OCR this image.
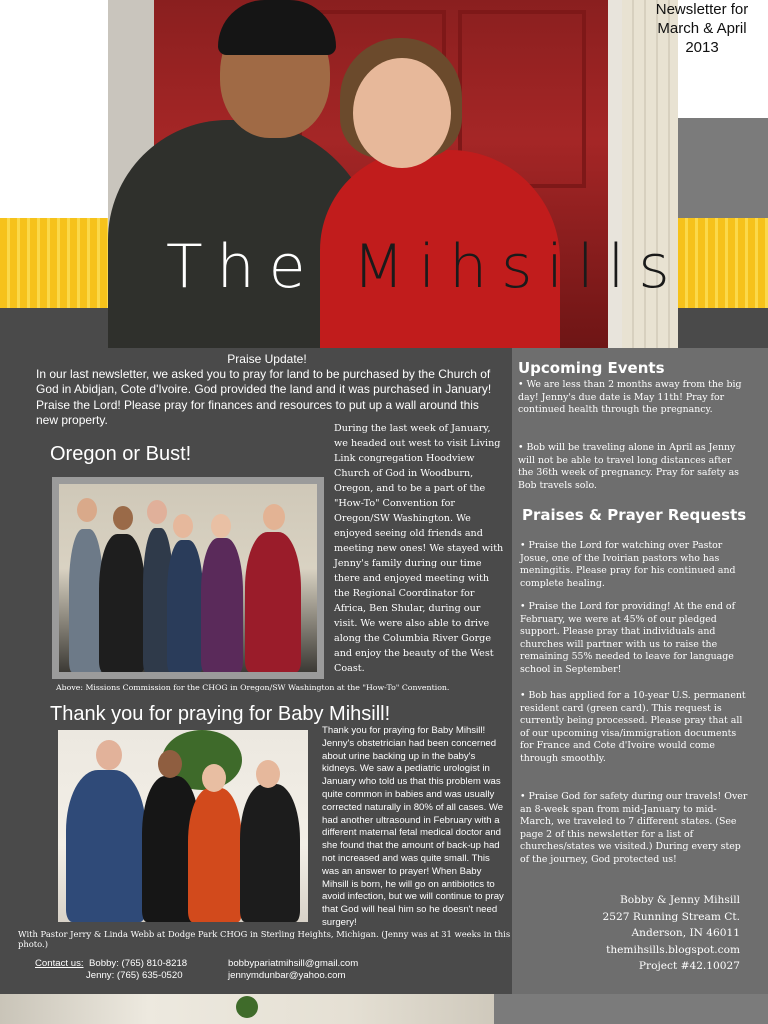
Newsletter for March & April 2013
The Mihsills
Praise Update!
In our last newsletter, we asked you to pray for land to be purchased by the Church of God in Abidjan, Cote d'Ivoire. God provided the land and it was purchased in January! Praise the Lord! Please pray for finances and resources to put up a wall around this new property.
Oregon or Bust!
During the last week of January, we headed out west to visit Living Link congregation Hoodview Church of God in Woodburn, Oregon, and to be a part of the "How-To" Convention for Oregon/SW Washington. We enjoyed seeing old friends and meeting new ones! We stayed with Jenny's family during our time there and enjoyed meeting with the Regional Coordinator for Africa, Ben Shular, during our visit. We were also able to drive along the Columbia River Gorge and enjoy the beauty of the West Coast.
Above: Missions Commission for the CHOG in Oregon/SW Washington at the "How-To" Convention.
Thank you for praying for Baby Mihsill!
Thank you for praying for Baby Mihsill! Jenny's obstetrician had been concerned about urine backing up in the baby's kidneys. We saw a pediatric urologist in January who told us that this problem was quite common in babies and was usually corrected naturally in 80% of all cases. We had another ultrasound in February with a different maternal fetal medical doctor and she found that the amount of back-up had not increased and was quite small. This was an answer to prayer! When Baby Mihsill is born, he will go on antibiotics to avoid infection, but we will continue to pray that God will heal him so he doesn't need surgery!
With Pastor Jerry & Linda Webb at Dodge Park CHOG in Sterling Heights, Michigan. (Jenny was at 31 weeks in this photo.)
Contact us: Bobby: (765) 810-8218
Jenny: (765) 635-0520
bobbypariatmihsill@gmail.com
jennymdunbar@yahoo.com
Upcoming Events
• We are less than 2 months away from the big day! Jenny's due date is May 11th! Pray for continued health through the pregnancy.
• Bob will be traveling alone in April as Jenny will not be able to travel long distances after the 36th week of pregnancy. Pray for safety as Bob travels solo.
Praises & Prayer Requests
• Praise the Lord for watching over Pastor Josue, one of the Ivoirian pastors who has meningitis. Please pray for his continued and complete healing.
• Praise the Lord for providing! At the end of February, we were at 45% of our pledged support. Please pray that individuals and churches will partner with us to raise the remaining 55% needed to leave for language school in September!
• Bob has applied for a 10-year U.S. permanent resident card (green card). This request is currently being processed. Please pray that all of our upcoming visa/immigration documents for France and Cote d'Ivoire would come through smoothly.
• Praise God for safety during our travels! Over an 8-week span from mid-January to mid-March, we traveled to 7 different states. (See page 2 of this newsletter for a list of churches/states we visited.) During every step of the journey, God protected us!
Bobby & Jenny Mihsill
2527 Running Stream Ct.
Anderson, IN 46011
themihsills.blogspot.com
Project #42.10027
